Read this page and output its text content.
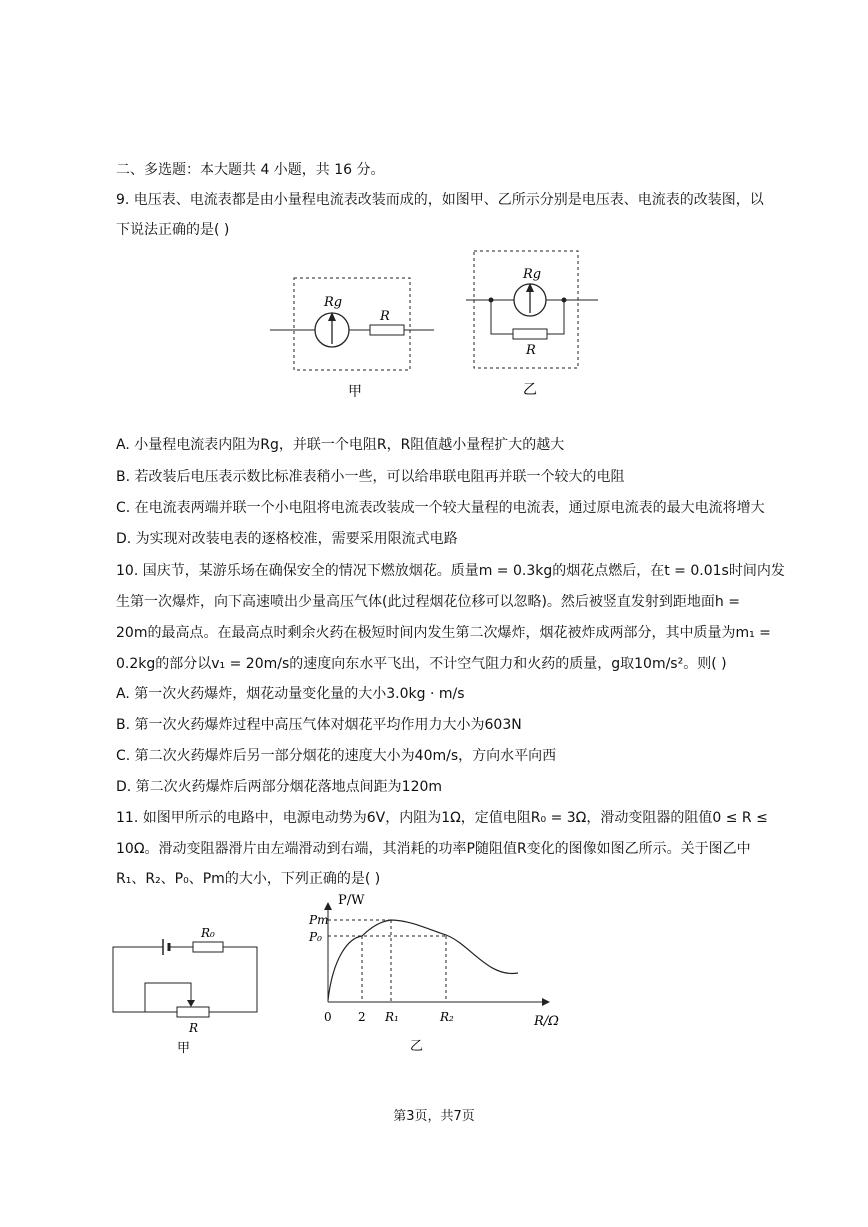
二、多选题：本大题共 4 小题，共 16 分。
9. 电压表、电流表都是由小量程电流表改装而成的，如图甲、乙所示分别是电压表、电流表的改装图，以
下说法正确的是( )
Rg
R
甲
Rg
R
乙
A. 小量程电流表内阻为Rg，并联一个电阻R，R阻值越小量程扩大的越大
B. 若改装后电压表示数比标准表稍小一些，可以给串联电阻再并联一个较大的电阻
C. 在电流表两端并联一个小电阻将电流表改装成一个较大量程的电流表，通过原电流表的最大电流将增大
D. 为实现对改装电表的逐格校准，需要采用限流式电路
10. 国庆节，某游乐场在确保安全的情况下燃放烟花。质量m = 0.3kg的烟花点燃后，在t = 0.01s时间内发
生第一次爆炸，向下高速喷出少量高压气体(此过程烟花位移可以忽略)。然后被竖直发射到距地面h =
20m的最高点。在最高点时剩余火药在极短时间内发生第二次爆炸，烟花被炸成两部分，其中质量为m₁ =
0.2kg的部分以v₁ = 20m/s的速度向东水平飞出，不计空气阻力和火药的质量，g取10m/s²。则( )
A. 第一次火药爆炸，烟花动量变化量的大小3.0kg · m/s
B. 第一次火药爆炸过程中高压气体对烟花平均作用力大小为603N
C. 第二次火药爆炸后另一部分烟花的速度大小为40m/s，方向水平向西
D. 第二次火药爆炸后两部分烟花落地点间距为120m
11. 如图甲所示的电路中，电源电动势为6V，内阻为1Ω，定值电阻R₀ = 3Ω，滑动变阻器的阻值0 ≤ R ≤
10Ω。滑动变阻器滑片由左端滑动到右端，其消耗的功率P随阻值R变化的图像如图乙所示。关于图乙中
R₁、R₂、P₀、Pm的大小，下列正确的是( )
R₀
R
甲
P/W
R/Ω
Pm
P₀
0 2 R₁	R₂
乙
第3页，共7页
